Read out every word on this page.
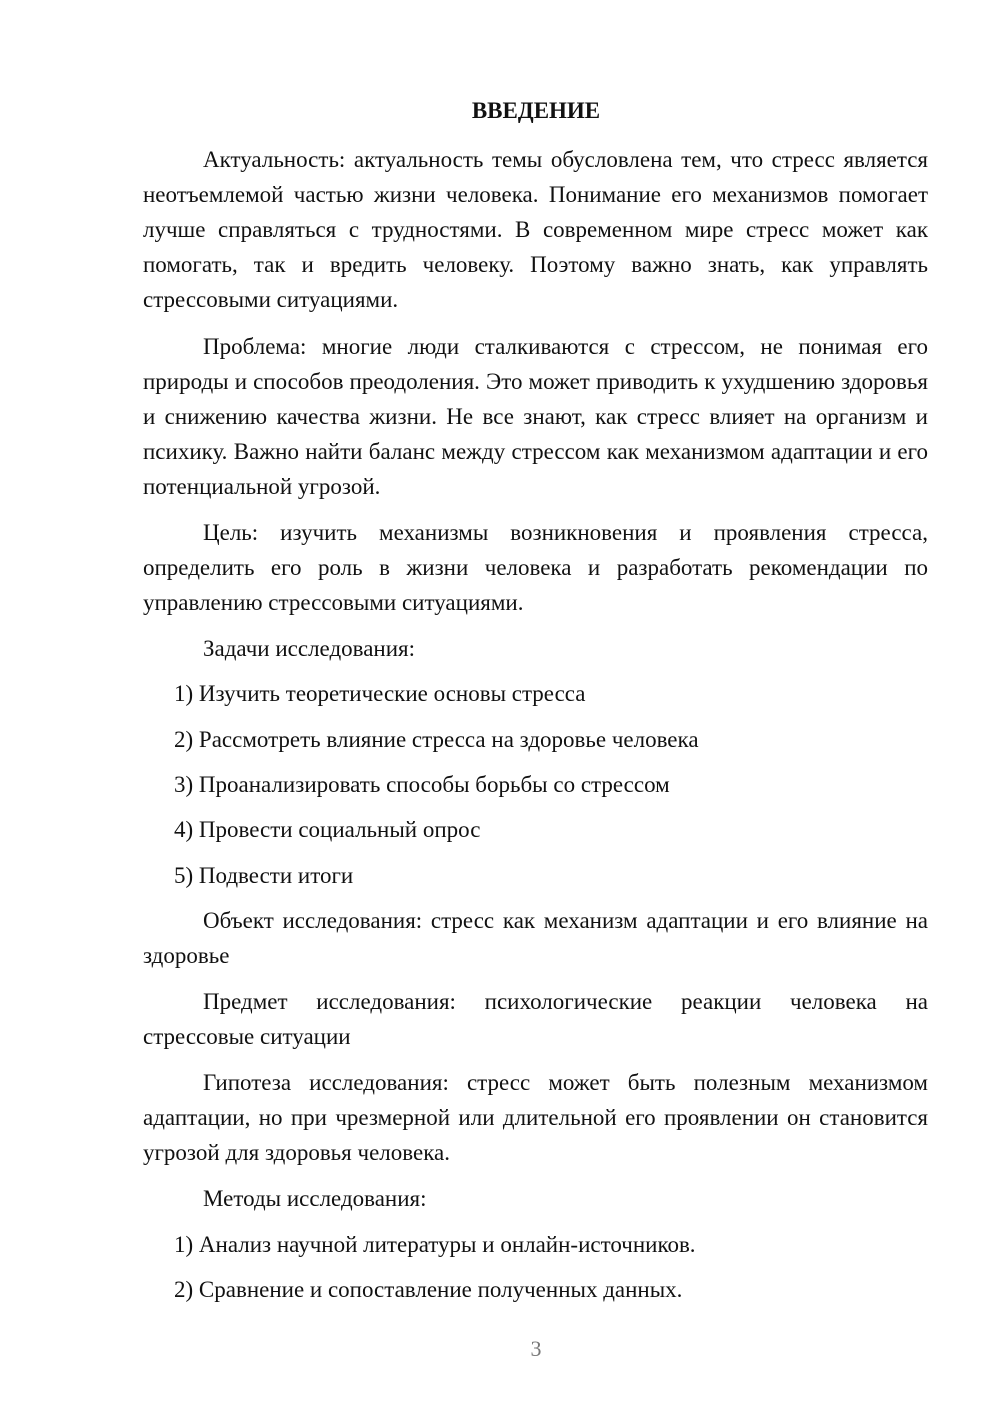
ВВЕДЕНИЕ

Актуальность: актуальность темы обусловлена тем, что стресс является неотъемлемой частью жизни человека. Понимание его механизмов помогает лучше справляться с трудностями. В современном мире стресс может как помогать, так и вредить человеку. Поэтому важно знать, как управлять стрессовыми ситуациями.

Проблема: многие люди сталкиваются с стрессом, не понимая его природы и способов преодоления. Это может приводить к ухудшению здоровья и снижению качества жизни. Не все знают, как стресс влияет на организм и психику. Важно найти баланс между стрессом как механизмом адаптации и его потенциальной угрозой.

Цель: изучить механизмы возникновения и проявления стресса, определить его роль в жизни человека и разработать рекомендации по управлению стрессовыми ситуациями.

Задачи исследования:

1) Изучить теоретические основы стресса

2) Рассмотреть влияние стресса на здоровье человека

3) Проанализировать способы борьбы со стрессом

4) Провести социальный опрос

5) Подвести итоги

Объект исследования: стресс как механизм адаптации и его влияние на здоровье

Предмет исследования: психологические реакции человека на стрессовые ситуации

Гипотеза исследования: стресс может быть полезным механизмом адаптации, но при чрезмерной или длительной его проявлении он становится угрозой для здоровья человека.

Методы исследования:

1) Анализ научной литературы и онлайн-источников.

2) Сравнение и сопоставление полученных данных.

3
